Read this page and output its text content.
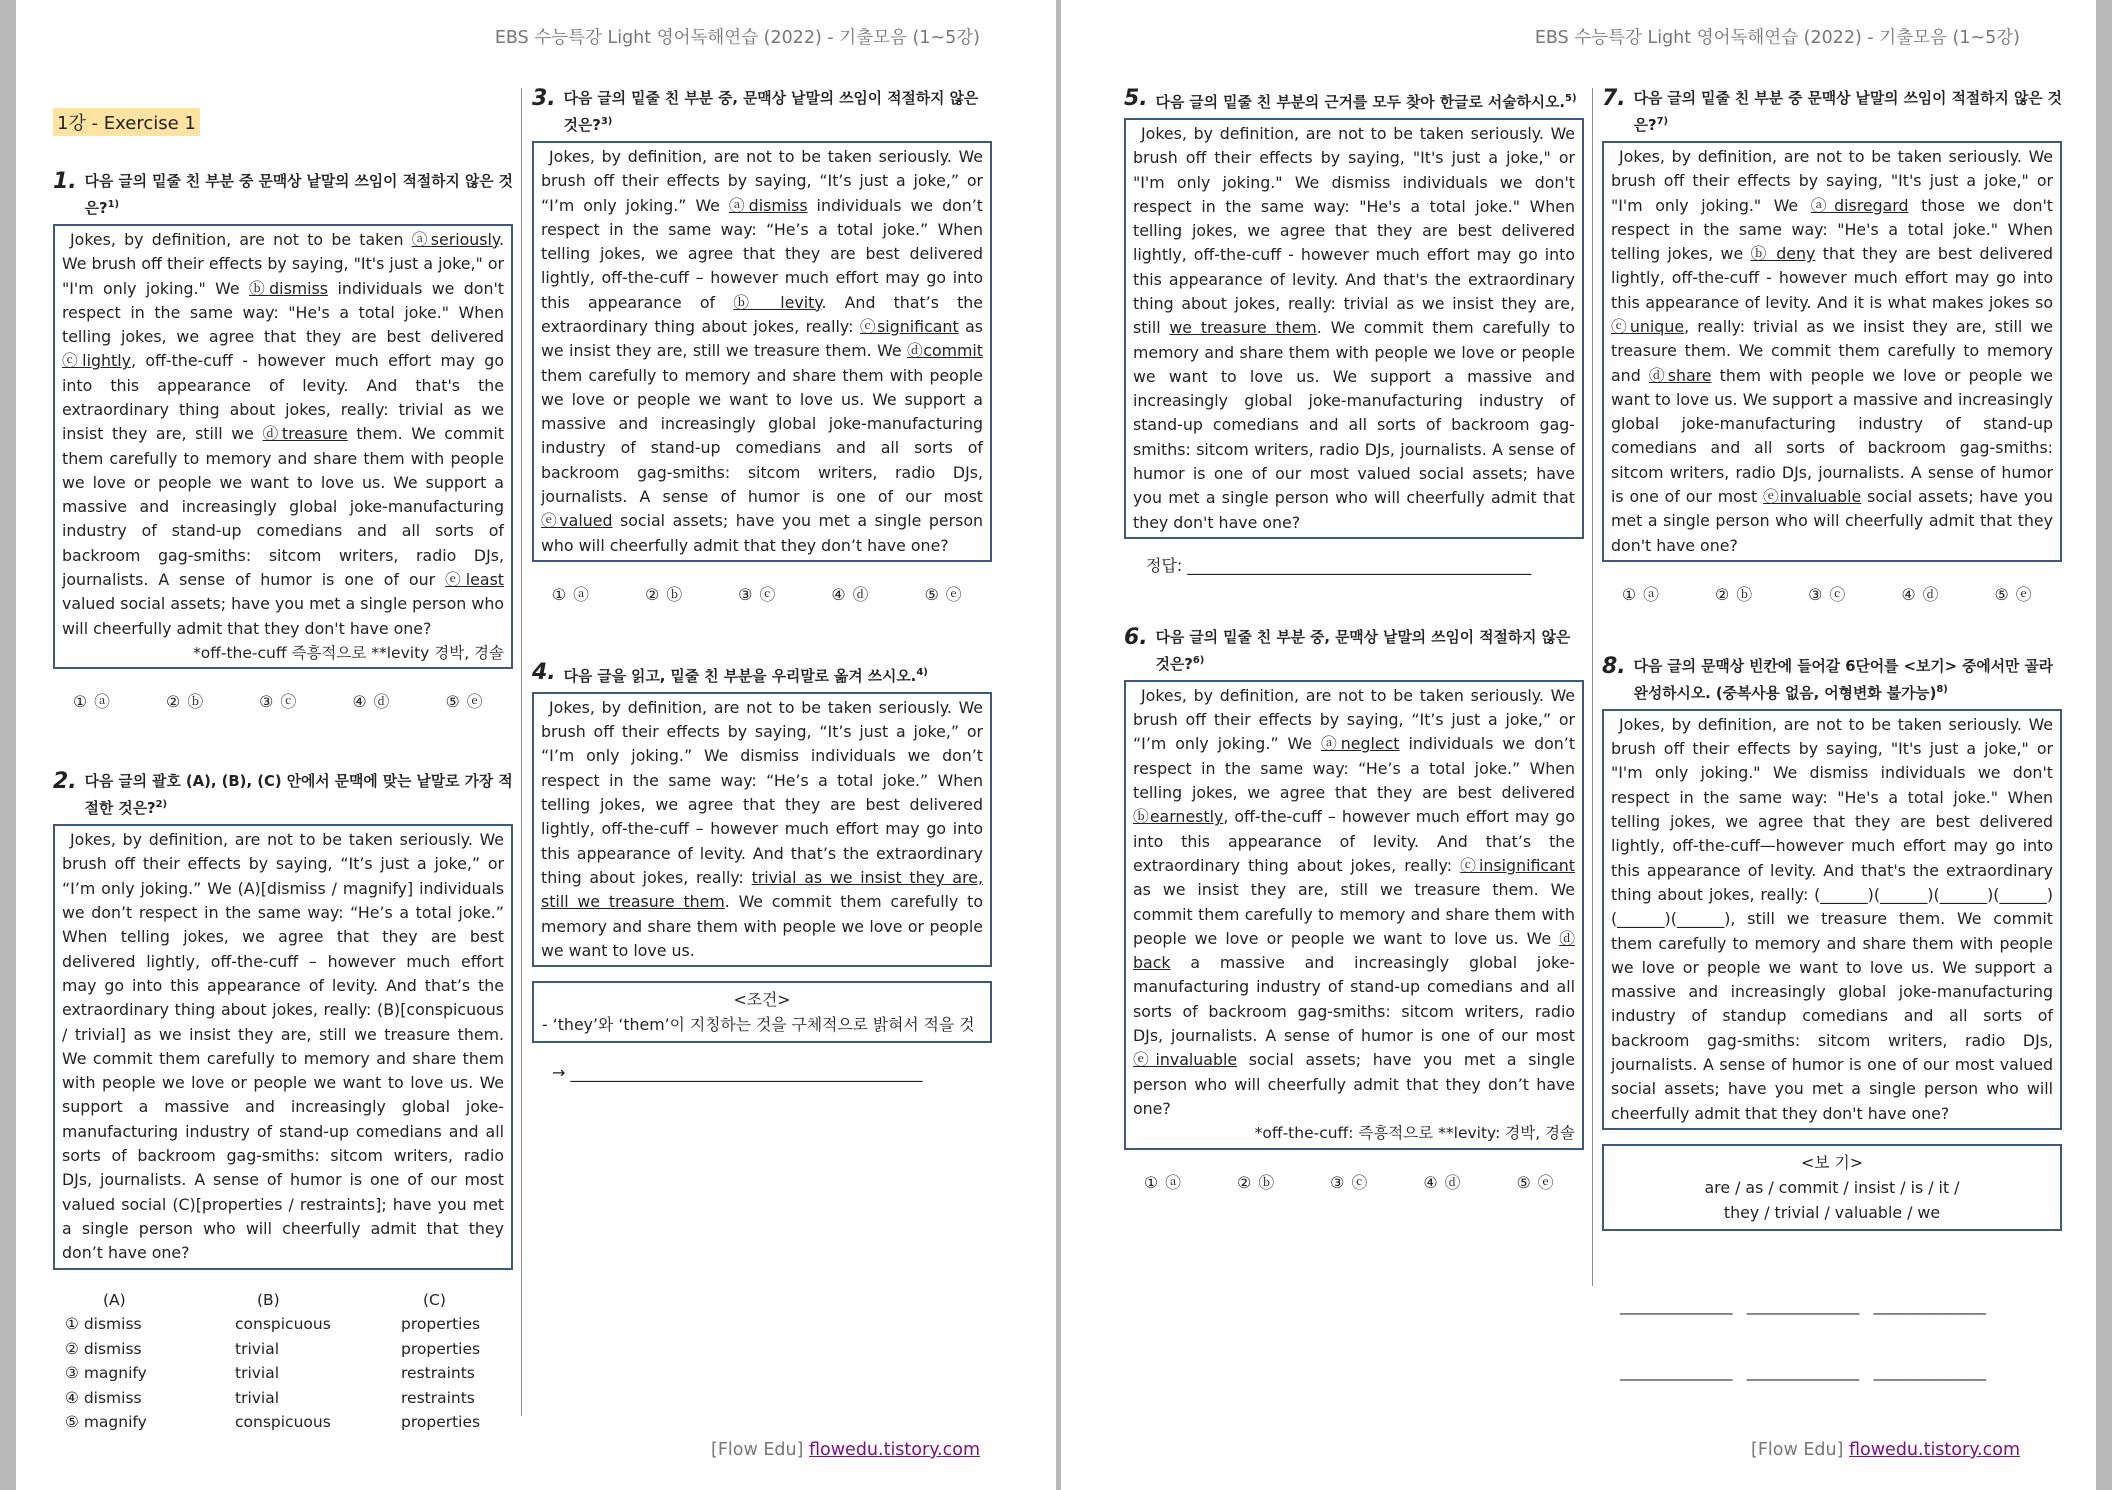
EBS 수능특강 Light 영어독해연습 (2022) - 기출모음 (1~5강)
1강 - Exercise 1
1. 다음 글의 밑줄 친 부분 중 문맥상 낱말의 쓰임이 적절하지 않은 것은?$^{1)}$
Jokes, by definition, are not to be taken ⓐseriously. We brush off their effects by saying, "It's just a joke," or "I'm only joking." We ⓑdismiss individuals we don't respect in the same way: "He's a total joke." When telling jokes, we agree that they are best delivered ⓒlightly, off-the-cuff - however much effort may go into this appearance of levity. And that's the extraordinary thing about jokes, really: trivial as we insist they are, still we ⓓtreasure them. We commit them carefully to memory and share them with people we love or people we want to love us. We support a massive and increasingly global joke-manufacturing industry of stand-up comedians and all sorts of backroom gag-smiths: sitcom writers, radio DJs, journalists. A sense of humor is one of our ⓔleast valued social assets; have you met a single person who will cheerfully admit that they don't have one?
*off-the-cuff 즉흥적으로 **levity 경박, 경솔
① ⓐ        ② ⓑ        ③ ⓒ        ④ ⓓ        ⑤ ⓔ
2. 다음 글의 괄호 (A), (B), (C) 안에서 문맥에 맞는 낱말로 가장 적절한 것은?$^{2)}$
Jokes, by definition, are not to be taken seriously. We brush off their effects by saying, “It’s just a joke,” or “I’m only joking.” We (A)[dismiss / magnify] individuals we don’t respect in the same way: “He’s a total joke.” When telling jokes, we agree that they are best delivered lightly, off-the-cuff – however much effort may go into this appearance of levity. And that’s the extraordinary thing about jokes, really: (B)[conspicuous / trivial] as we insist they are, still we treasure them. We commit them carefully to memory and share them with people we love or people we want to love us. We support a massive and increasingly global joke-manufacturing industry of stand-up comedians and all sorts of backroom gag-smiths: sitcom writers, radio DJs, journalists. A sense of humor is one of our most valued social (C)[properties / restraints]; have you met a single person who will cheerfully admit that they don’t have one?
(A)	(B)	(C)
① dismiss	conspicuous	properties
② dismiss	trivial	properties
③ magnify	trivial	restraints
④ dismiss	trivial	restraints
⑤ magnify	conspicuous	properties
3. 다음 글의 밑줄 친 부분 중, 문맥상 낱말의 쓰임이 적절하지 않은 것은?$^{3)}$
Jokes, by definition, are not to be taken seriously. We brush off their effects by saying, “It’s just a joke,” or “I’m only joking.” We ⓐdismiss individuals we don’t respect in the same way: “He’s a total joke.” When telling jokes, we agree that they are best delivered lightly, off-the-cuff – however much effort may go into this appearance of ⓑ levity. And that’s the extraordinary thing about jokes, really: ⓒsignificant as we insist they are, still we treasure them. We ⓓcommit them carefully to memory and share them with people we love or people we want to love us. We support a massive and increasingly global joke-manufacturing industry of stand-up comedians and all sorts of backroom gag-smiths: sitcom writers, radio DJs, journalists. A sense of humor is one of our most ⓔvalued social assets; have you met a single person who will cheerfully admit that they don’t have one?
① ⓐ        ② ⓑ        ③ ⓒ        ④ ⓓ        ⑤ ⓔ
4. 다음 글을 읽고, 밑줄 친 부분을 우리말로 옮겨 쓰시오.$^{4)}$
Jokes, by definition, are not to be taken seriously. We brush off their effects by saying, “It’s just a joke,” or “I’m only joking.” We dismiss individuals we don’t respect in the same way: “He’s a total joke.” When telling jokes, we agree that they are best delivered lightly, off-the-cuff – however much effort may go into this appearance of levity. And that’s the extraordinary thing about jokes, really: trivial as we insist they are, still we treasure them. We commit them carefully to memory and share them with people we love or people we want to love us.
<조건>
- ‘they’와 ‘them’이 지칭하는 것을 구체적으로 밝혀서 적을 것
→ ____________________________________________
[Flow Edu] flowedu.tistory.com
EBS 수능특강 Light 영어독해연습 (2022) - 기출모음 (1~5강)
5. 다음 글의 밑줄 친 부분의 근거를 모두 찾아 한글로 서술하시오.$^{5)}$
Jokes, by definition, are not to be taken seriously. We brush off their effects by saying, "It's just a joke," or "I'm only joking." We dismiss individuals we don't respect in the same way: "He's a total joke." When telling jokes, we agree that they are best delivered lightly, off-the-cuff - however much effort may go into this appearance of levity. And that's the extraordinary thing about jokes, really: trivial as we insist they are, still we treasure them. We commit them carefully to memory and share them with people we love or people we want to love us. We support a massive and increasingly global joke-manufacturing industry of stand-up comedians and all sorts of backroom gag-smiths: sitcom writers, radio DJs, journalists. A sense of humor is one of our most valued social assets; have you met a single person who will cheerfully admit that they don't have one?
정답: ___________________________________________
6. 다음 글의 밑줄 친 부분 중, 문맥상 낱말의 쓰임이 적절하지 않은 것은?$^{6)}$
Jokes, by definition, are not to be taken seriously. We brush off their effects by saying, “It’s just a joke,” or “I’m only joking.” We ⓐneglect individuals we don’t respect in the same way: “He’s a total joke.” When telling jokes, we agree that they are best delivered ⓑearnestly, off-the-cuff – however much effort may go into this appearance of levity. And that’s the extraordinary thing about jokes, really: ⓒinsignificant as we insist they are, still we treasure them. We commit them carefully to memory and share them with people we love or people we want to love us. We ⓓ back a massive and increasingly global joke-manufacturing industry of stand-up comedians and all sorts of backroom gag-smiths: sitcom writers, radio DJs, journalists. A sense of humor is one of our most ⓔinvaluable social assets; have you met a single person who will cheerfully admit that they don’t have one?
*off-the-cuff: 즉흥적으로 **levity: 경박, 경솔
① ⓐ        ② ⓑ        ③ ⓒ        ④ ⓓ        ⑤ ⓔ
7. 다음 글의 밑줄 친 부분 중 문맥상 낱말의 쓰임이 적절하지 않은 것은?$^{7)}$
Jokes, by definition, are not to be taken seriously. We brush off their effects by saying, "It's just a joke," or "I'm only joking." We ⓐdisregard those we don't respect in the same way: "He's a total joke." When telling jokes, we ⓑ deny that they are best delivered lightly, off-the-cuff - however much effort may go into this appearance of levity. And it is what makes jokes so ⓒunique, really: trivial as we insist they are, still we treasure them. We commit them carefully to memory and ⓓshare them with people we love or people we want to love us. We support a massive and increasingly global joke-manufacturing industry of stand-up comedians and all sorts of backroom gag-smiths: sitcom writers, radio DJs, journalists. A sense of humor is one of our most ⓔinvaluable social assets; have you met a single person who will cheerfully admit that they don't have one?
① ⓐ        ② ⓑ        ③ ⓒ        ④ ⓓ        ⑤ ⓔ
8. 다음 글의 문맥상 빈칸에 들어갈 6단어를 <보기> 중에서만 골라 완성하시오. (중복사용 없음, 어형변화 불가능)$^{8)}$
Jokes, by definition, are not to be taken seriously. We brush off their effects by saying, "It's just a joke," or "I'm only joking." We dismiss individuals we don't respect in the same way: "He's a total joke." When telling jokes, we agree that they are best delivered lightly, off-the-cuff—however much effort may go into this appearance of levity. And that's the extraordinary thing about jokes, really: (______)(______)(______)(______)(______)(______), still we treasure them. We commit them carefully to memory and share them with people we love or people we want to love us. We support a massive and increasingly global joke-manufacturing industry of standup comedians and all sorts of backroom gag-smiths: sitcom writers, radio DJs, journalists. A sense of humor is one of our most valued social assets; have you met a single person who will cheerfully admit that they don't have one?
<보 기>
are / as / commit / insist / is / it /
they / trivial / valuable / we

_______________   _______________   _______________

_______________   _______________   _______________

[Flow Edu] flowedu.tistory.com
